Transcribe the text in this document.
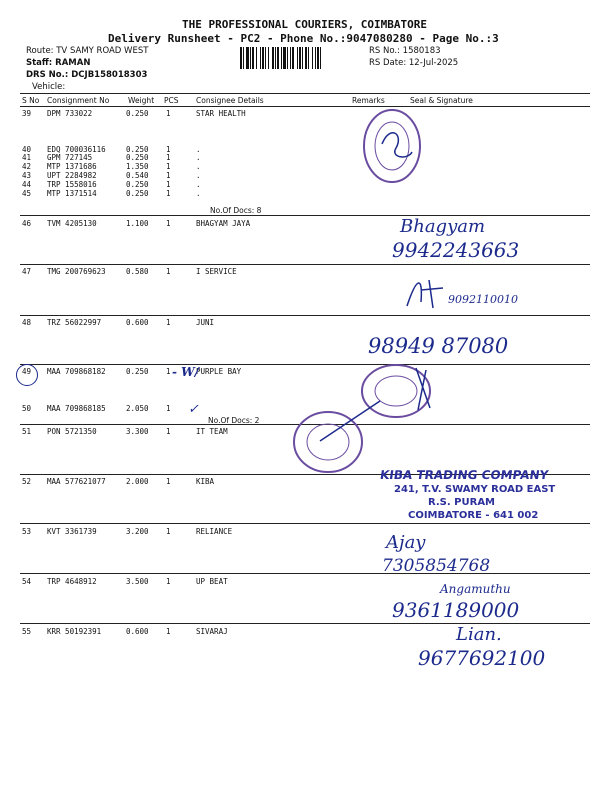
THE PROFESSIONAL COURIERS, COIMBATORE
Delivery Runsheet - PC2 - Phone No.:9047080280 - Page No.:3
Route: TV SAMY ROAD WEST
Staff: RAMAN
DRS No.: DCJB158018303
Vehicle:
RS No.: 1580183
RS Date: 12-Jul-2025
S No Consignment No Weight PCS Consignee Details	Remarks	Seal & Signature
39 DPM 733022	0.250 1	STAR HEALTH
40 EDQ 700036116	0.250 1	.
41 GPM 727145	0.250 1	.
42 MTP 1371686	1.350 1	.
43 UPT 2284982	0.540 1	.
44 TRP 1558016	0.250 1	.
45 MTP 1371514	0.250 1	.
46 TVM 4205130	1.100 1	BHAGYAM JAYA
47 TMG 200769623	0.580 1	I SERVICE
48 TRZ 56022997	0.600 1	JUNI
49 MAA 709868182	0.250 1	PURPLE BAY
50 MAA 709868185	2.050 1
51 PON 5721350	3.300 1	IT TEAM
52 MAA 577621077	2.000 1	KIBA
53 KVT 3361739	3.200 1	RELIANCE
54 TRP 4648912	3.500 1	UP BEAT
55 KRR 50192391	0.600 1	SIVARAJ
No.Of Docs: 8
No.Of Docs: 2
- W/
✓
Bhagyam
9942243663
9092110010
98949 87080
KIBA TRADING COMPANY
241, T.V. SWAMY ROAD EAST
R.S. PURAM
COIMBATORE - 641 002
Ajay
7305854768
Angamuthu
9361189000
Lian.
9677692100
